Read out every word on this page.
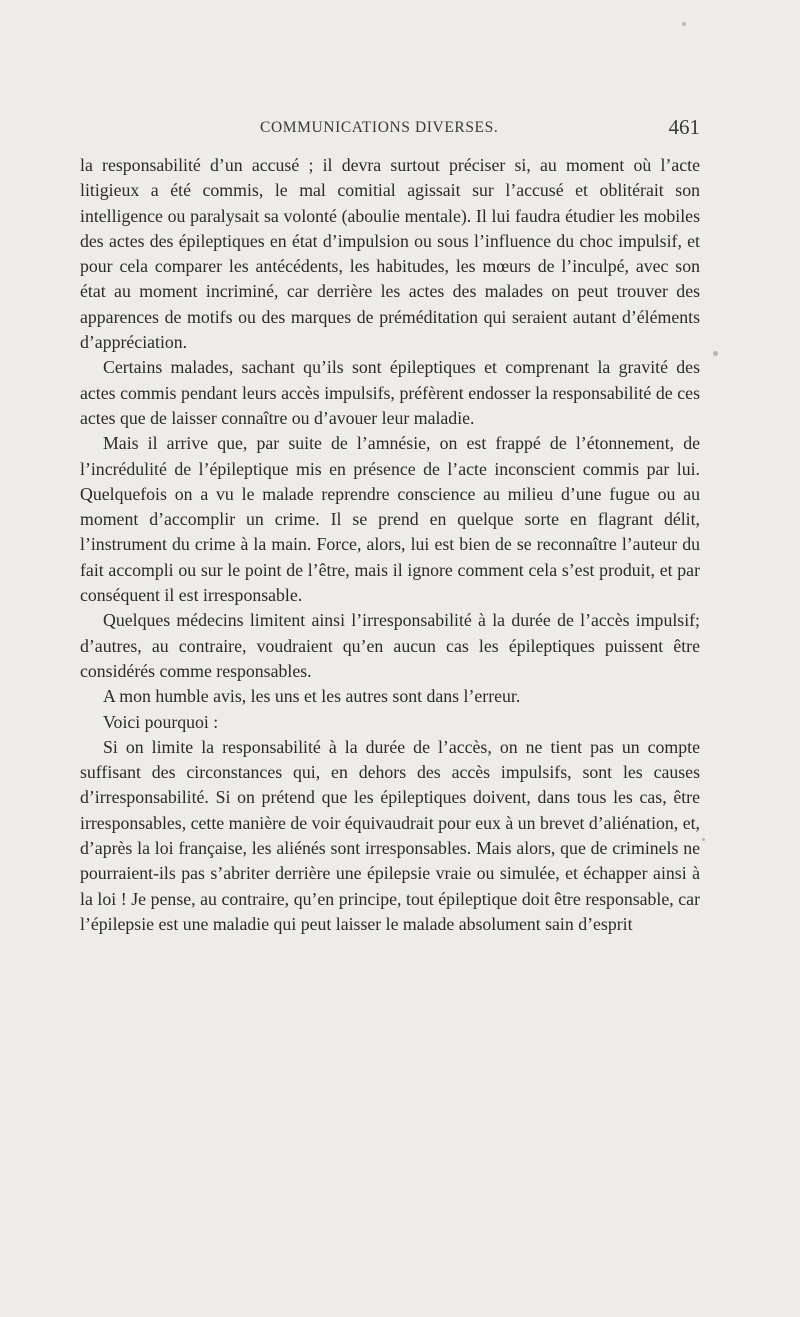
COMMUNICATIONS DIVERSES.	461

la responsabilité d’un accusé ; il devra surtout préciser si, au moment où l’acte litigieux a été commis, le mal comitial agissait sur l’accusé et oblitérait son intelligence ou paralysait sa volonté (aboulie mentale). Il lui faudra étudier les mobiles des actes des épileptiques en état d’impulsion ou sous l’influence du choc impulsif, et pour cela comparer les antécédents, les habitudes, les mœurs de l’inculpé, avec son état au moment incriminé, car derrière les actes des malades on peut trouver des apparences de motifs ou des marques de préméditation qui seraient autant d’éléments d’appréciation.

Certains malades, sachant qu’ils sont épileptiques et comprenant la gravité des actes commis pendant leurs accès impulsifs, préfèrent endosser la responsabilité de ces actes que de laisser connaître ou d’avouer leur maladie.

Mais il arrive que, par suite de l’amnésie, on est frappé de l’étonnement, de l’incrédulité de l’épileptique mis en présence de l’acte inconscient commis par lui. Quelquefois on a vu le malade reprendre conscience au milieu d’une fugue ou au moment d’accomplir un crime. Il se prend en quelque sorte en flagrant délit, l’instrument du crime à la main. Force, alors, lui est bien de se reconnaître l’auteur du fait accompli ou sur le point de l’être, mais il ignore comment cela s’est produit, et par conséquent il est irresponsable.

Quelques médecins limitent ainsi l’irresponsabilité à la durée de l’accès impulsif; d’autres, au contraire, voudraient qu’en aucun cas les épileptiques puissent être considérés comme responsables.

A mon humble avis, les uns et les autres sont dans l’erreur.

Voici pourquoi :

Si on limite la responsabilité à la durée de l’accès, on ne tient pas un compte suffisant des circonstances qui, en dehors des accès impulsifs, sont les causes d’irresponsabilité. Si on prétend que les épileptiques doivent, dans tous les cas, être irresponsables, cette manière de voir équivaudrait pour eux à un brevet d’aliénation, et, d’après la loi française, les aliénés sont irresponsables. Mais alors, que de criminels ne pourraient-ils pas s’abriter derrière une épilepsie vraie ou simulée, et échapper ainsi à la loi ! Je pense, au contraire, qu’en principe, tout épileptique doit être responsable, car l’épilepsie est une maladie qui peut laisser le malade absolument sain d’esprit
